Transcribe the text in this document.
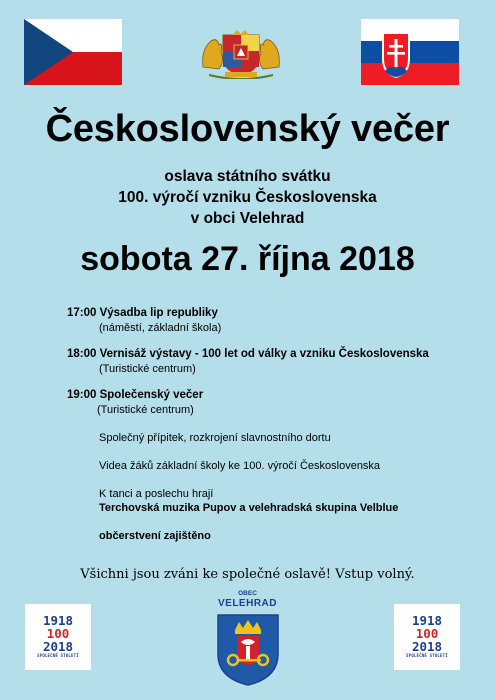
Československý večer
oslava státního svátku
100. výročí vzniku Československa
v obci Velehrad
sobota 27. října 2018
17:00 Výsadba lip republiky
(náměstí, základní škola)
18:00 Vernisáž výstavy - 100 let od války a vzniku Československa
(Turistické centrum)
19:00 Společenský večer
(Turistické centrum)
Společný přípitek, rozkrojení slavnostního dortu
Videa žáků základní školy ke 100. výročí Československa
K tanci a poslechu hrají
Terchovská muzika Pupov a velehradská skupina Velblue
občerstvení zajištěno
Všichni jsou zváni ke společné oslavě! Vstup volný.
1918
100
2018
SPOLEČNÉ STOLETÍ
OBEC
VELEHRAD
1918
100
2018
SPOLEČNÉ STOLETÍ
